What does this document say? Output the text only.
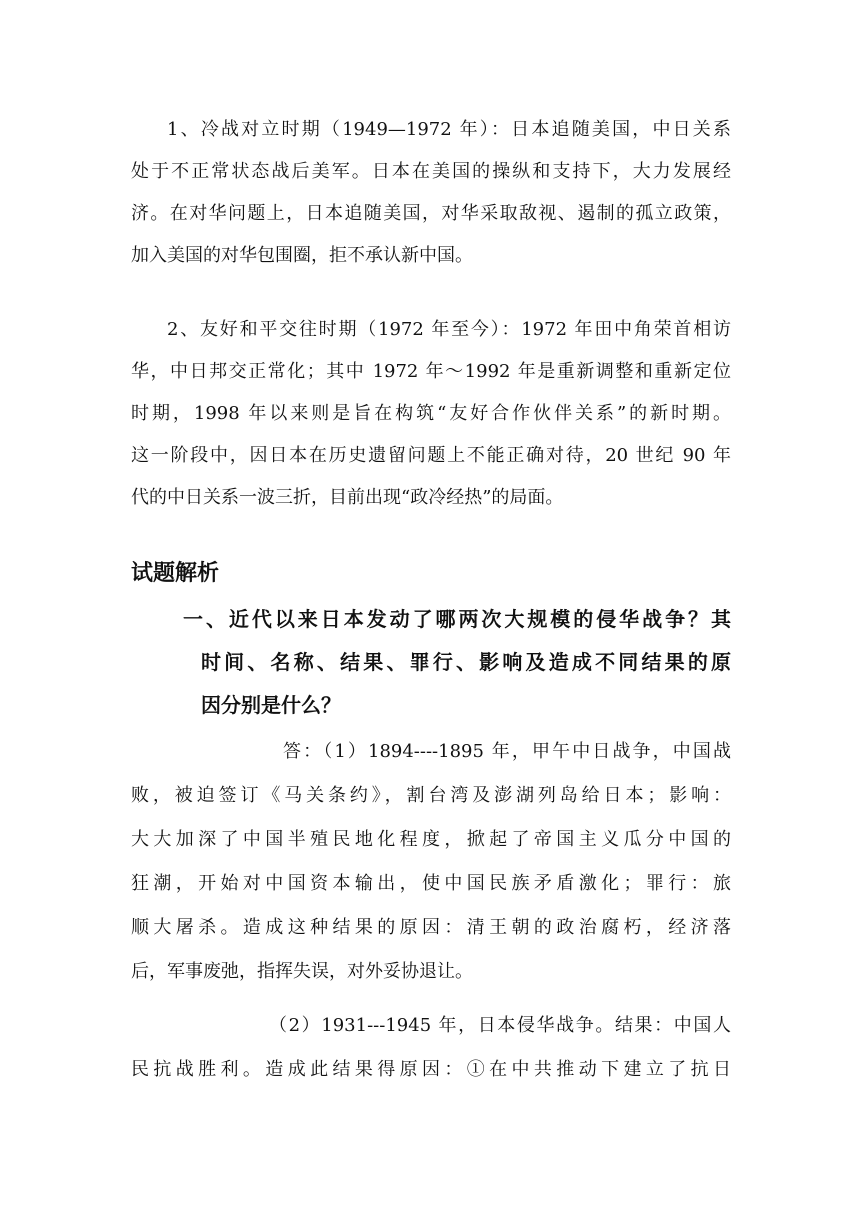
1、冷战对立时期（1949—1972 年）：日本追随美国，中日关系
处于不正常状态战后美军。日本在美国的操纵和支持下，大力发展经
济。在对华问题上，日本追随美国，对华采取敌视、遏制的孤立政策，
加入美国的对华包围圈，拒不承认新中国。
2、友好和平交往时期（1972 年至今）：1972 年田中角荣首相访
华，中日邦交正常化；其中 1972 年～1992 年是重新调整和重新定位
时期，1998 年以来则是旨在构筑“友好合作伙伴关系”的新时期。
这一阶段中，因日本在历史遗留问题上不能正确对待，20 世纪 90 年
代的中日关系一波三折，目前出现“政冷经热”的局面。
试题解析
一、近代以来日本发动了哪两次大规模的侵华战争？其
时间、名称、结果、罪行、影响及造成不同结果的原
因分别是什么？
答：（1）1894----1895 年，甲午中日战争，中国战
败，被迫签订《马关条约》，割台湾及澎湖列岛给日本；影响：
大大加深了中国半殖民地化程度，掀起了帝国主义瓜分中国的
狂潮，开始对中国资本输出，使中国民族矛盾激化；罪行：旅
顺大屠杀。造成这种结果的原因：清王朝的政治腐朽，经济落
后，军事废弛，指挥失误，对外妥协退让。
（2）1931---1945 年，日本侵华战争。结果：中国人
民抗战胜利。造成此结果得原因：①在中共推动下建立了抗日
